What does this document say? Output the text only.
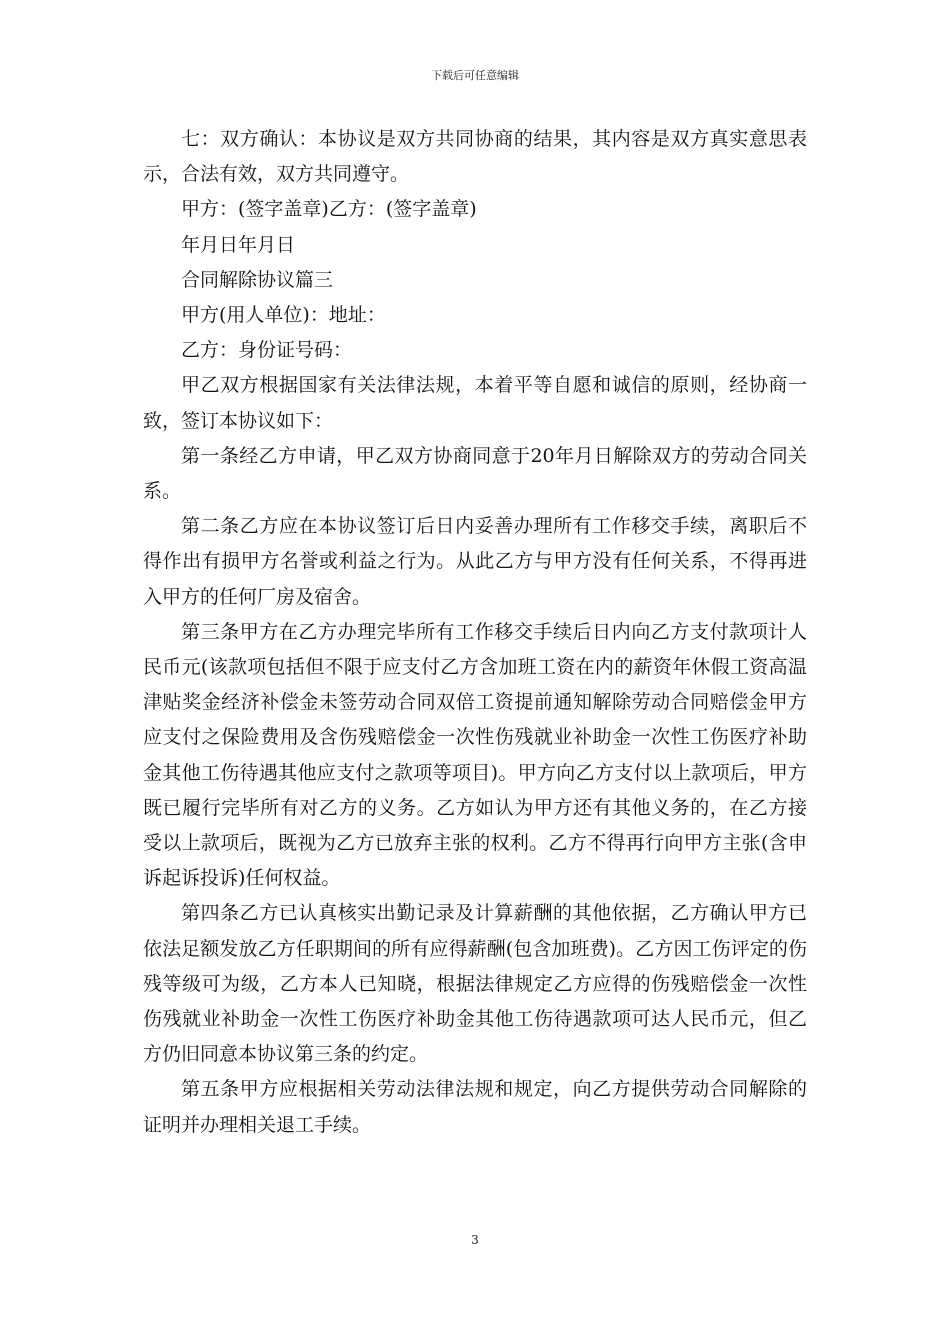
下载后可任意编辑

七：双方确认：本协议是双方共同协商的结果，其内容是双方真实意思表示，合法有效，双方共同遵守。

甲方：(签字盖章)乙方：(签字盖章)

年月日年月日

合同解除协议篇三

甲方(用人单位)：地址：

乙方：身份证号码：

甲乙双方根据国家有关法律法规，本着平等自愿和诚信的原则，经协商一致，签订本协议如下：

第一条经乙方申请，甲乙双方协商同意于20年月日解除双方的劳动合同关系。

第二条乙方应在本协议签订后日内妥善办理所有工作移交手续，离职后不得作出有损甲方名誉或利益之行为。从此乙方与甲方没有任何关系，不得再进入甲方的任何厂房及宿舍。

第三条甲方在乙方办理完毕所有工作移交手续后日内向乙方支付款项计人民币元(该款项包括但不限于应支付乙方含加班工资在内的薪资年休假工资高温津贴奖金经济补偿金未签劳动合同双倍工资提前通知解除劳动合同赔偿金甲方应支付之保险费用及含伤残赔偿金一次性伤残就业补助金一次性工伤医疗补助金其他工伤待遇其他应支付之款项等项目)。甲方向乙方支付以上款项后，甲方既已履行完毕所有对乙方的义务。乙方如认为甲方还有其他义务的，在乙方接受以上款项后，既视为乙方已放弃主张的权利。乙方不得再行向甲方主张(含申诉起诉投诉)任何权益。

第四条乙方已认真核实出勤记录及计算薪酬的其他依据，乙方确认甲方已依法足额发放乙方任职期间的所有应得薪酬(包含加班费)。乙方因工伤评定的伤残等级可为级，乙方本人已知晓，根据法律规定乙方应得的伤残赔偿金一次性伤残就业补助金一次性工伤医疗补助金其他工伤待遇款项可达人民币元，但乙方仍旧同意本协议第三条的约定。

第五条甲方应根据相关劳动法律法规和规定，向乙方提供劳动合同解除的证明并办理相关退工手续。

3
